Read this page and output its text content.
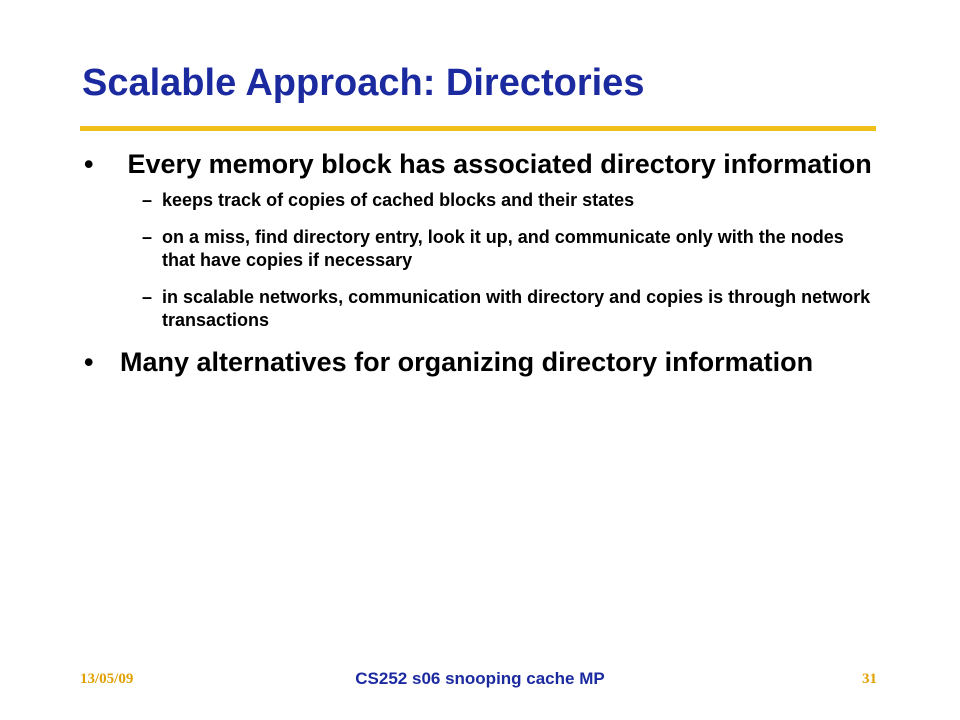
Scalable Approach: Directories
• Every memory block has associated directory information
– keeps track of copies of cached blocks and their states
– on a miss, find directory entry, look it up, and communicate only with the nodes that have copies if necessary
– in scalable networks, communication with directory and copies is through network transactions
• Many alternatives for organizing directory information
13/05/09	CS252 s06 snooping cache MP	31
